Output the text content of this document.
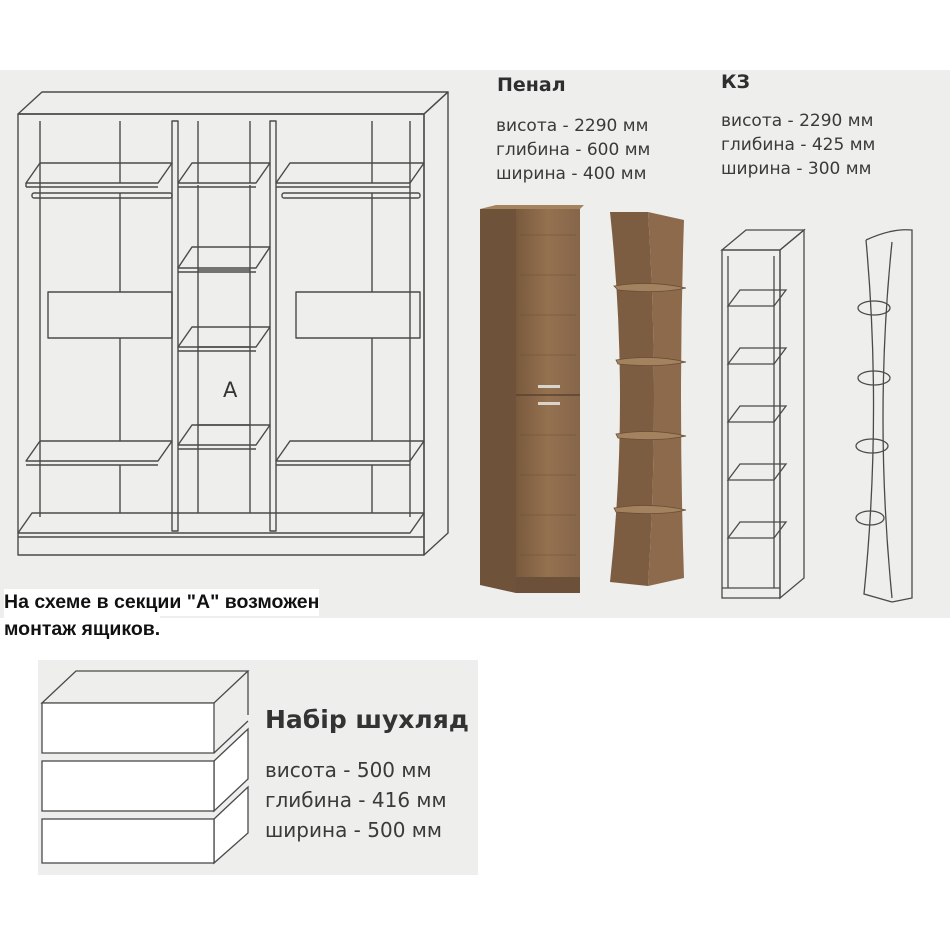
A
Пенал
висота - 2290 мм
глибина - 600 мм
ширина - 400 мм
КЗ
висота - 2290 мм
глибина - 425 мм
ширина - 300 мм
На схеме в секции "А" возможен
монтаж ящиков.
Набір шухляд
висота - 500 мм
глибина - 416 мм
ширина - 500 мм
